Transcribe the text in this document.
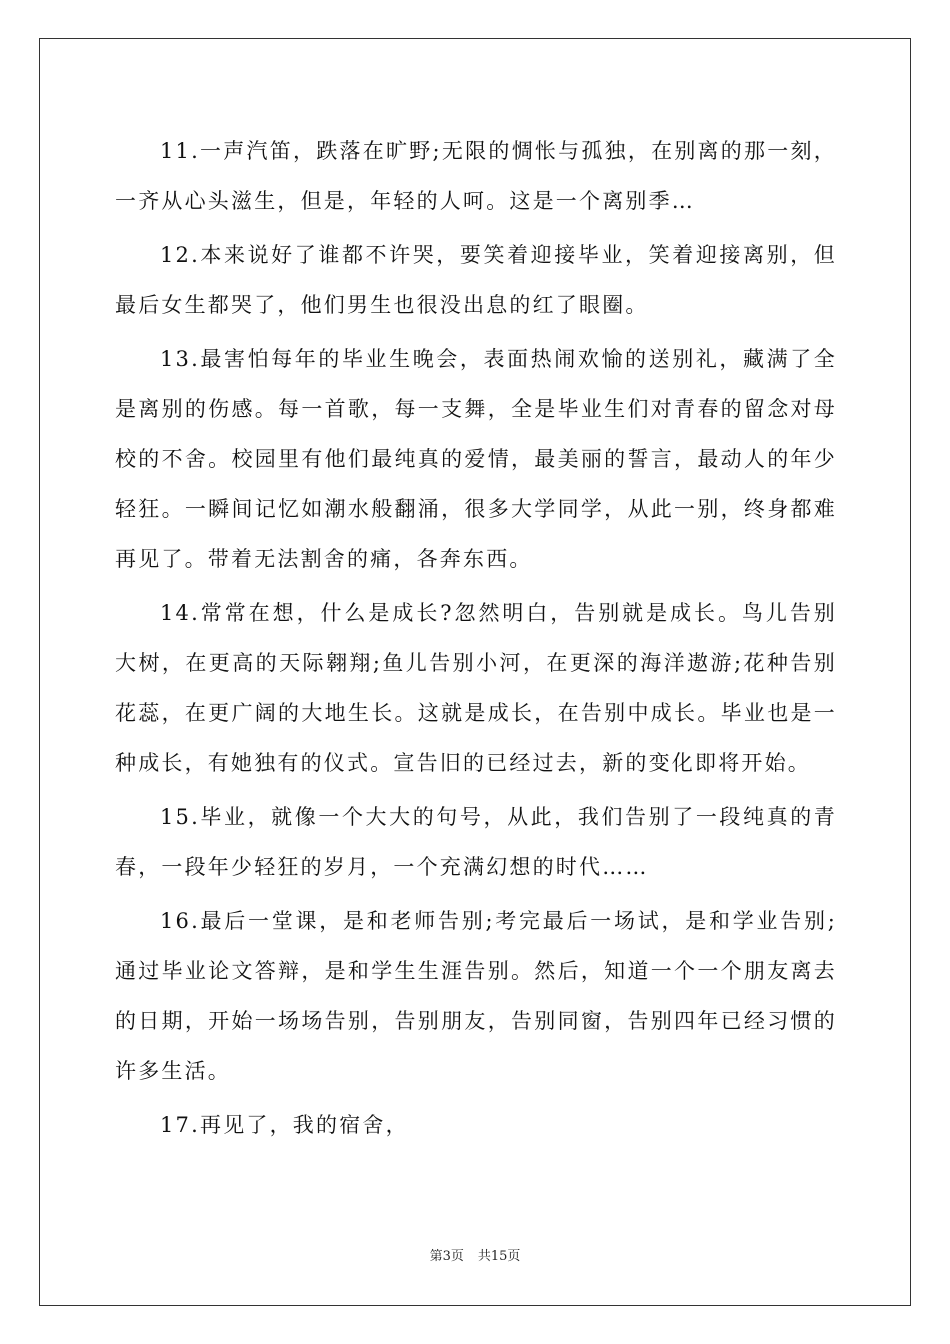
11.一声汽笛，跌落在旷野;无限的惆怅与孤独，在别离的那一刻，一齐从心头滋生，但是，年轻的人呵。这是一个离别季…

12.本来说好了谁都不许哭，要笑着迎接毕业，笑着迎接离别，但最后女生都哭了，他们男生也很没出息的红了眼圈。

13.最害怕每年的毕业生晚会，表面热闹欢愉的送别礼，藏满了全是离别的伤感。每一首歌，每一支舞，全是毕业生们对青春的留念对母校的不舍。校园里有他们最纯真的爱情，最美丽的誓言，最动人的年少轻狂。一瞬间记忆如潮水般翻涌，很多大学同学，从此一别，终身都难再见了。带着无法割舍的痛，各奔东西。

14.常常在想，什么是成长?忽然明白，告别就是成长。鸟儿告别大树，在更高的天际翱翔;鱼儿告别小河，在更深的海洋遨游;花种告别花蕊，在更广阔的大地生长。这就是成长，在告别中成长。毕业也是一种成长，有她独有的仪式。宣告旧的已经过去，新的变化即将开始。

15.毕业，就像一个大大的句号，从此，我们告别了一段纯真的青春，一段年少轻狂的岁月，一个充满幻想的时代……

16.最后一堂课，是和老师告别;考完最后一场试，是和学业告别;通过毕业论文答辩，是和学生生涯告别。然后，知道一个一个朋友离去的日期，开始一场场告别，告别朋友，告别同窗，告别四年已经习惯的许多生活。

17.再见了，我的宿舍，

第3页 共15页
